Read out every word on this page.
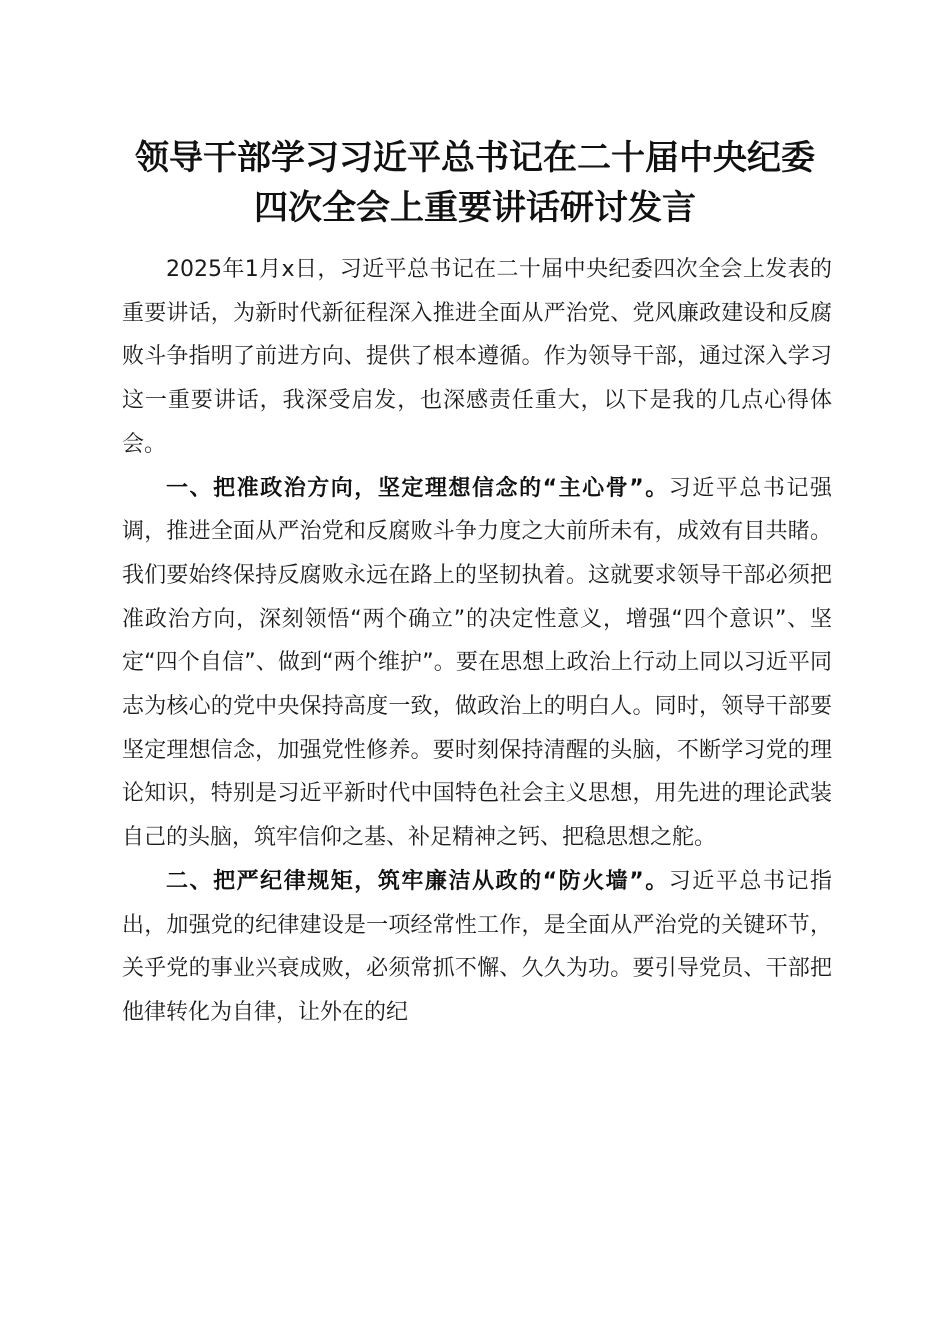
领导干部学习习近平总书记在二十届中央纪委
四次全会上重要讲话研讨发言

2025年1月x日，习近平总书记在二十届中央纪委四次全会上发表的重要讲话，为新时代新征程深入推进全面从严治党、党风廉政建设和反腐败斗争指明了前进方向、提供了根本遵循。作为领导干部，通过深入学习这一重要讲话，我深受启发，也深感责任重大，以下是我的几点心得体会。

一、把准政治方向，坚定理想信念的“主心骨”。习近平总书记强调，推进全面从严治党和反腐败斗争力度之大前所未有，成效有目共睹。我们要始终保持反腐败永远在路上的坚韧执着。这就要求领导干部必须把准政治方向，深刻领悟“两个确立”的决定性意义，增强“四个意识”、坚定“四个自信”、做到“两个维护”。要在思想上政治上行动上同以习近平同志为核心的党中央保持高度一致，做政治上的明白人。同时，领导干部要坚定理想信念，加强党性修养。要时刻保持清醒的头脑，不断学习党的理论知识，特别是习近平新时代中国特色社会主义思想，用先进的理论武装自己的头脑，筑牢信仰之基、补足精神之钙、把稳思想之舵。

二、把严纪律规矩，筑牢廉洁从政的“防火墙”。习近平总书记指出，加强党的纪律建设是一项经常性工作，是全面从严治党的关键环节，关乎党的事业兴衰成败，必须常抓不懈、久久为功。要引导党员、干部把他律转化为自律，让外在的纪
